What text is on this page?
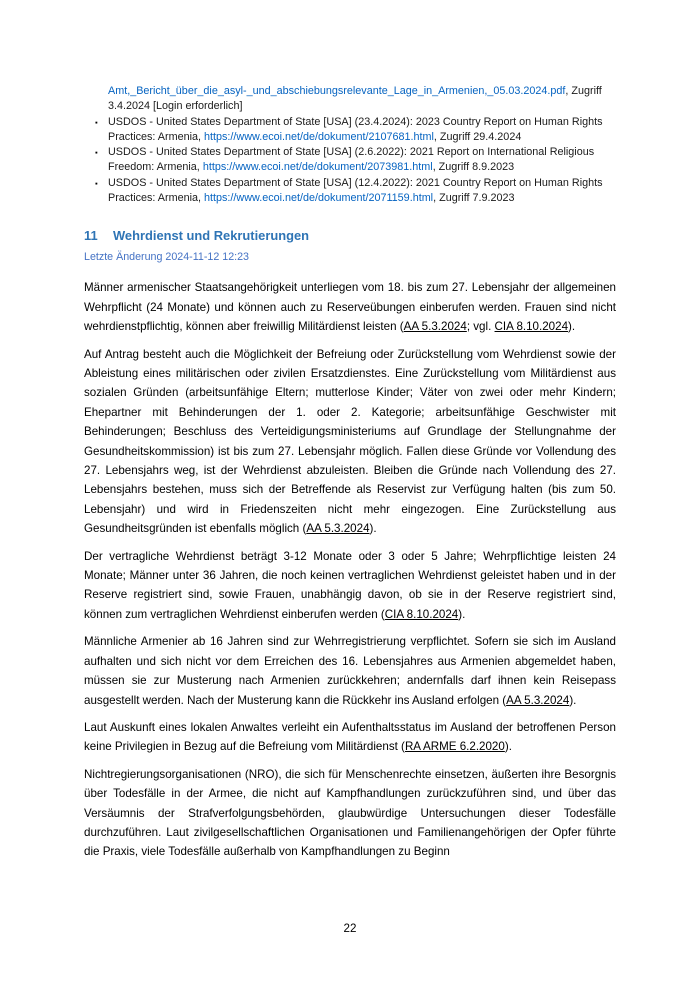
Amt,_Bericht_über_die_asyl-_und_abschiebungsrelevante_Lage_in_Armenien,_05.03.2024.pdf, Zugriff 3.4.2024 [Login erforderlich]
▪ USDOS - United States Department of State [USA] (23.4.2024): 2023 Country Report on Human Rights Practices: Armenia, https://www.ecoi.net/de/dokument/2107681.html, Zugriff 29.4.2024
▪ USDOS - United States Department of State [USA] (2.6.2022): 2021 Report on International Religious Freedom: Armenia, https://www.ecoi.net/de/dokument/2073981.html, Zugriff 8.9.2023
▪ USDOS - United States Department of State [USA] (12.4.2022): 2021 Country Report on Human Rights Practices: Armenia, https://www.ecoi.net/de/dokument/2071159.html, Zugriff 7.9.2023
11 Wehrdienst und Rekrutierungen
Letzte Änderung 2024-11-12 12:23

Männer armenischer Staatsangehörigkeit unterliegen vom 18. bis zum 27. Lebensjahr der allgemeinen Wehrpflicht (24 Monate) und können auch zu Reserveübungen einberufen werden. Frauen sind nicht wehrdienstpflichtig, können aber freiwillig Militärdienst leisten (AA 5.3.2024; vgl. CIA 8.10.2024).

Auf Antrag besteht auch die Möglichkeit der Befreiung oder Zurückstellung vom Wehrdienst sowie der Ableistung eines militärischen oder zivilen Ersatzdienstes. Eine Zurückstellung vom Militärdienst aus sozialen Gründen (arbeitsunfähige Eltern; mutterlose Kinder; Väter von zwei oder mehr Kindern; Ehepartner mit Behinderungen der 1. oder 2. Kategorie; arbeitsunfähige Geschwister mit Behinderungen; Beschluss des Verteidigungsministeriums auf Grundlage der Stellungnahme der Gesundheitskommission) ist bis zum 27. Lebensjahr möglich. Fallen diese Gründe vor Vollendung des 27. Lebensjahrs weg, ist der Wehrdienst abzuleisten. Bleiben die Gründe nach Vollendung des 27. Lebensjahrs bestehen, muss sich der Betreffende als Reservist zur Verfügung halten (bis zum 50. Lebensjahr) und wird in Friedenszeiten nicht mehr eingezogen. Eine Zurückstellung aus Gesundheitsgründen ist ebenfalls möglich (AA 5.3.2024).

Der vertragliche Wehrdienst beträgt 3-12 Monate oder 3 oder 5 Jahre; Wehrpflichtige leisten 24 Monate; Männer unter 36 Jahren, die noch keinen vertraglichen Wehrdienst geleistet haben und in der Reserve registriert sind, sowie Frauen, unabhängig davon, ob sie in der Reserve registriert sind, können zum vertraglichen Wehrdienst einberufen werden (CIA 8.10.2024).

Männliche Armenier ab 16 Jahren sind zur Wehrregistrierung verpflichtet. Sofern sie sich im Ausland aufhalten und sich nicht vor dem Erreichen des 16. Lebensjahres aus Armenien abgemeldet haben, müssen sie zur Musterung nach Armenien zurückkehren; andernfalls darf ihnen kein Reisepass ausgestellt werden. Nach der Musterung kann die Rückkehr ins Ausland erfolgen (AA 5.3.2024).

Laut Auskunft eines lokalen Anwaltes verleiht ein Aufenthaltsstatus im Ausland der betroffenen Person keine Privilegien in Bezug auf die Befreiung vom Militärdienst (RA ARME 6.2.2020).

Nichtregierungsorganisationen (NRO), die sich für Menschenrechte einsetzen, äußerten ihre Besorgnis über Todesfälle in der Armee, die nicht auf Kampfhandlungen zurückzuführen sind, und über das Versäumnis der Strafverfolgungsbehörden, glaubwürdige Untersuchungen dieser Todesfälle durchzuführen. Laut zivilgesellschaftlichen Organisationen und Familienangehörigen der Opfer führte die Praxis, viele Todesfälle außerhalb von Kampfhandlungen zu Beginn

22
